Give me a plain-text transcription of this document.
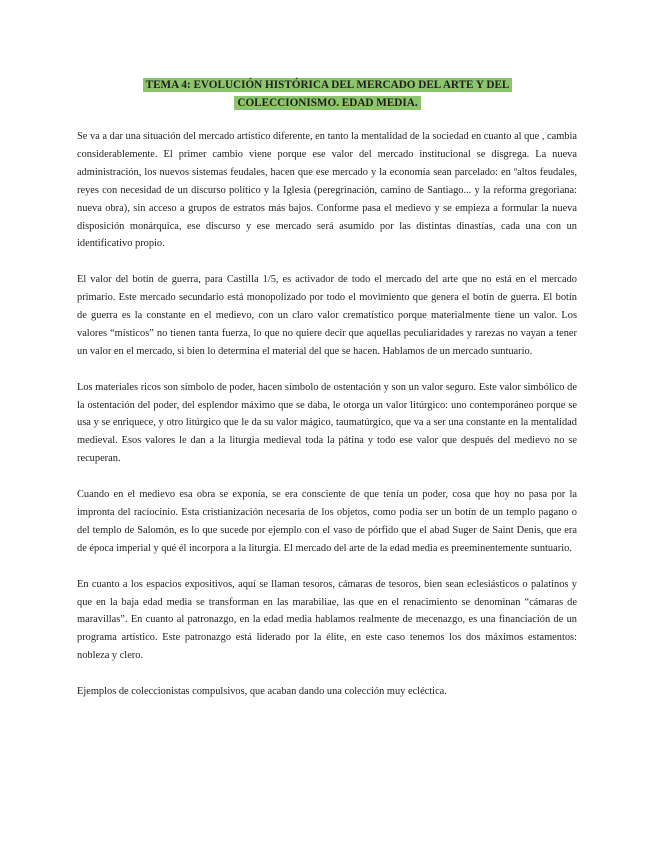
TEMA 4: EVOLUCIÓN HISTÓRICA DEL MERCADO DEL ARTE Y DEL
COLECCIONISMO. EDAD MEDIA.

Se va a dar una situación del mercado artístico diferente, en tanto la mentalidad de la sociedad en cuanto al que , cambia considerablemente. El primer cambio viene porque ese valor del mercado institucional se disgrega. La nueva administración, los nuevos sistemas feudales, hacen que ese mercado y la economía sean parcelado: en ºaltos feudales, reyes con necesidad de un discurso político y la Iglesia (peregrinación, camino de Santiago... y la reforma gregoriana: nueva obra), sin acceso a grupos de estratos más bajos. Conforme pasa el medievo y se empieza a formular la nueva disposición monárquica, ese discurso y ese mercado será asumido por las distintas dinastías, cada una con un identificativo propio.

El valor del botín de guerra, para Castilla 1/5, es activador de todo el mercado del arte que no está en el mercado primario. Este mercado secundario está monopolizado por todo el movimiento que genera el botín de guerra. El botín de guerra es la constante en el medievo, con un claro valor crematístico porque materialmente tiene un valor. Los valores “místicos” no tienen tanta fuerza, lo que no quiere decir que aquellas peculiaridades y rarezas no vayan a tener un valor en el mercado, si bien lo determina el material del que se hacen. Hablamos de un mercado suntuario.

Los materiales ricos son símbolo de poder, hacen símbolo de ostentación y son un valor seguro. Este valor simbólico de la ostentación del poder, del esplendor máximo que se daba, le otorga un valor litúrgico: uno contemporáneo porque se usa y se enriquece, y otro litúrgico que le da su valor mágico, taumatúrgico, que va a ser una constante en la mentalidad medieval. Esos valores le dan a la liturgia medieval toda la pátina y todo ese valor que después del medievo no se recuperan.

Cuando en el medievo esa obra se exponía, se era consciente de que tenía un poder, cosa que hoy no pasa por la impronta del raciocinio. Esta cristianización necesaria de los objetos, como podía ser un botín de un templo pagano o del templo de Salomón, es lo que sucede por ejemplo con el vaso de pórfido que el abad Suger de Saint Denis, que era de época imperial y qué él incorpora a la liturgia. El mercado del arte de la edad media es preeminentemente suntuario.

En cuanto a los espacios expositivos, aquí se llaman tesoros, cámaras de tesoros, bien sean eclesiásticos o palatinos y que en la baja edad media se transforman en las marabiliae, las que en el renacimiento se denominan “cámaras de maravillas”. En cuanto al patronazgo, en la edad media hablamos realmente de mecenazgo, es una financiación de un programa artístico. Este patronazgo está liderado por la élite, en este caso tenemos los dos máximos estamentos: nobleza y clero.

Ejemplos de coleccionistas compulsivos, que acaban dando una colección muy ecléctica.
